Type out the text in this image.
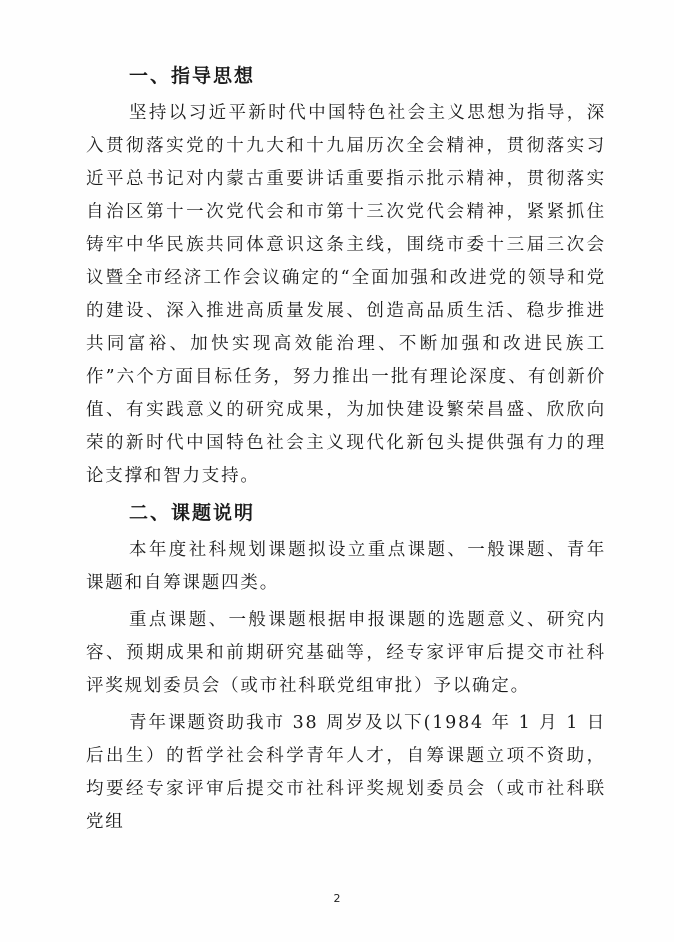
一、指导思想

坚持以习近平新时代中国特色社会主义思想为指导，深入贯彻落实党的十九大和十九届历次全会精神，贯彻落实习近平总书记对内蒙古重要讲话重要指示批示精神，贯彻落实自治区第十一次党代会和市第十三次党代会精神，紧紧抓住铸牢中华民族共同体意识这条主线，围绕市委十三届三次会议暨全市经济工作会议确定的“全面加强和改进党的领导和党的建设、深入推进高质量发展、创造高品质生活、稳步推进共同富裕、加快实现高效能治理、不断加强和改进民族工作”六个方面目标任务，努力推出一批有理论深度、有创新价值、有实践意义的研究成果，为加快建设繁荣昌盛、欣欣向荣的新时代中国特色社会主义现代化新包头提供强有力的理论支撑和智力支持。

二、课题说明

本年度社科规划课题拟设立重点课题、一般课题、青年课题和自筹课题四类。

重点课题、一般课题根据申报课题的选题意义、研究内容、预期成果和前期研究基础等，经专家评审后提交市社科评奖规划委员会（或市社科联党组审批）予以确定。

青年课题资助我市 38 周岁及以下(1984 年 1 月 1 日后出生）的哲学社会科学青年人才，自筹课题立项不资助，均要经专家评审后提交市社科评奖规划委员会（或市社科联党组

2
